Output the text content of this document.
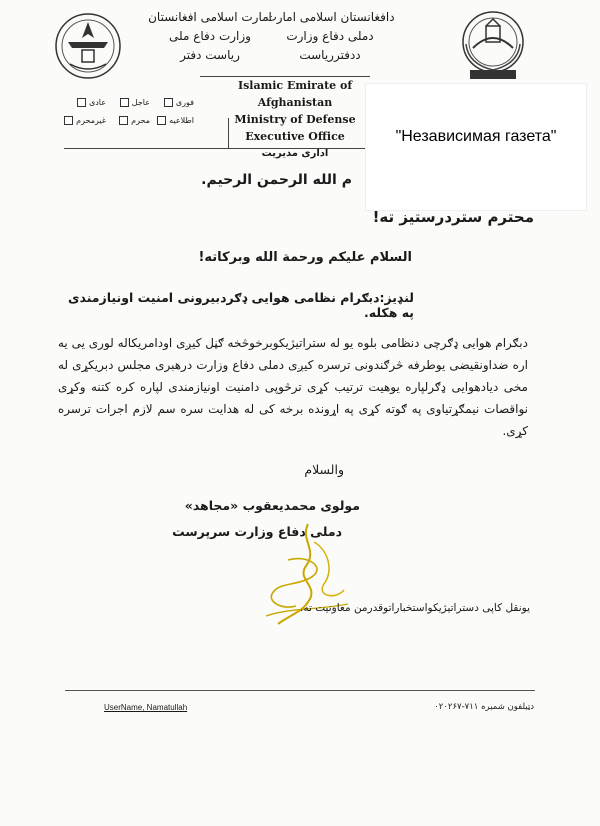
دافغانستان اسلامی امارت
دملی دفاع وزارت
ددفترریاست
امارت اسلامی افغانستان
وزارت دفاع ملی
ریاست دفتر
Islamic Emirate of Afghanistan
Ministry of Defense
Executive Office
اداری مدیریت
فوری
عاجل
عادی
اطلاعیه
محرم
غیرمحرم
"Независимая газета"
م الله الرحمن الرحیم.
محترم ستردرستیز ته!
السلام علیکم ورحمة الله وبرکاته!
لنډیز:دبګرام نظامی هوایی ډګردبیرونی امنیت اونیازمندی په هکله.
دبګرام هوایی ډګرچی دنظامی بلوه یو له ستراتیژیکوبرخوڅخه ګڼل کیږی اودامریکاله لوری یی یه اره ضداونقیضی یوطرفه څرګندونی ترسره کیږی دملی دفاع وزارت درهبری مجلس دبریکړی له مخی دیادهوایی ډګرلپاره یوهیت ترتیب کړی ترڅوپی دامنیت اونیازمندی لپاره کره کتنه وکړی نواقصات نیمګړتیاوی په ګوته کړی په اړونده برخه کی له هدایت سره سم لازم اجرات ترسره کړی.
والسلام
مولوی محمدیعقوب «مجاهد»
دملی دفاع وزارت سرپرست
یونقل کاپی دستراتیژیکواستخباراتوقدرمن معاونیت ته.
UserName, Namatullah	دټیلفون شمیره ۷۱۱-۰۲۰۲۶۷
